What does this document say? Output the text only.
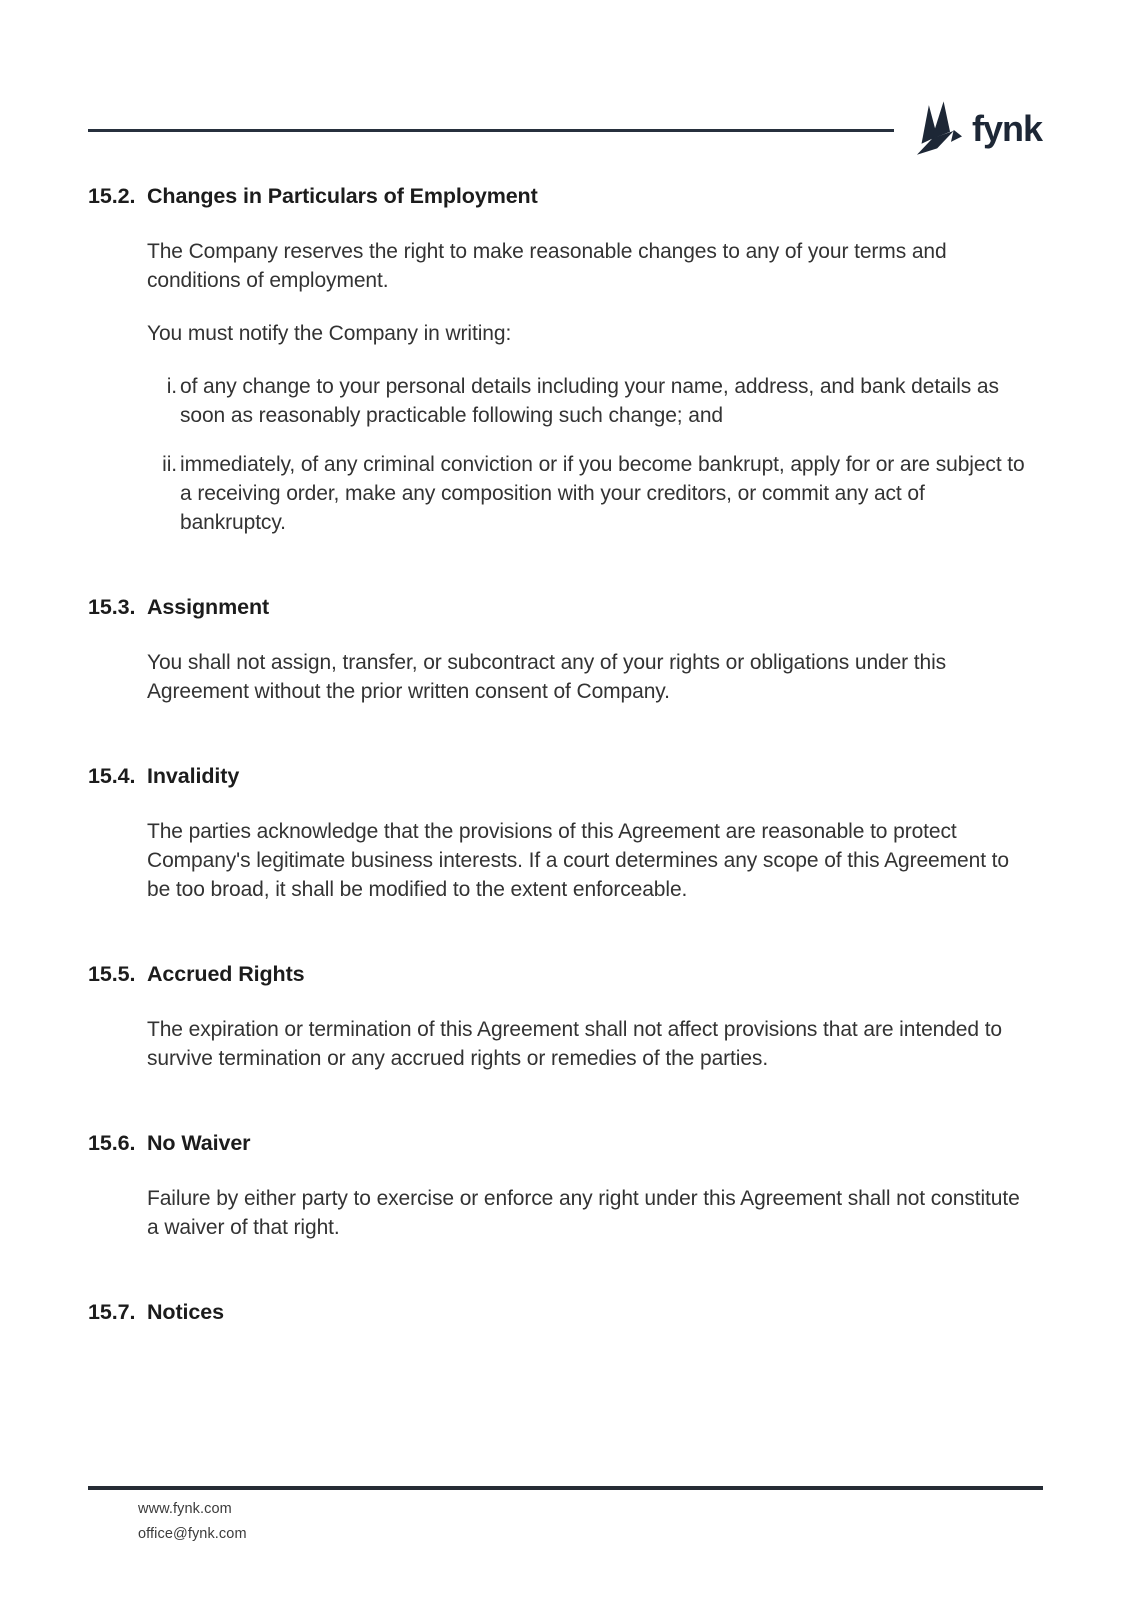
fynk
15.2. Changes in Particulars of Employment

The Company reserves the right to make reasonable changes to any of your terms and conditions of employment.

You must notify the Company in writing:

i. of any change to your personal details including your name, address, and bank details as soon as reasonably practicable following such change; and
ii. immediately, of any criminal conviction or if you become bankrupt, apply for or are subject to a receiving order, make any composition with your creditors, or commit any act of bankruptcy.
15.3. Assignment

You shall not assign, transfer, or subcontract any of your rights or obligations under this Agreement without the prior written consent of Company.

15.4. Invalidity

The parties acknowledge that the provisions of this Agreement are reasonable to protect Company's legitimate business interests. If a court determines any scope of this Agreement to be too broad, it shall be modified to the extent enforceable.

15.5. Accrued Rights

The expiration or termination of this Agreement shall not affect provisions that are intended to survive termination or any accrued rights or remedies of the parties.

15.6. No Waiver

Failure by either party to exercise or enforce any right under this Agreement shall not constitute a waiver of that right.

15.7. Notices
www.fynk.com
office@fynk.com
